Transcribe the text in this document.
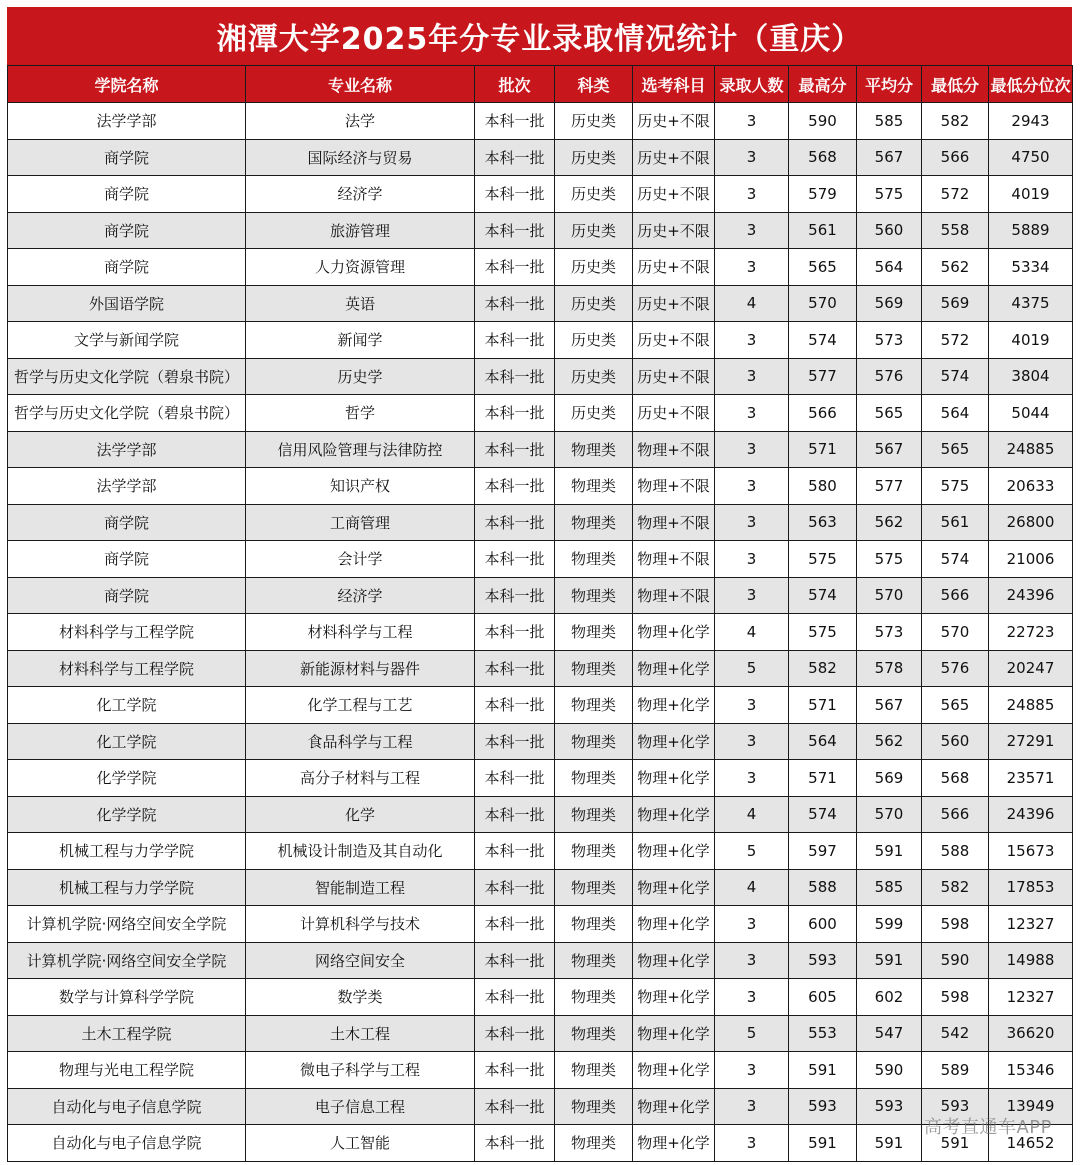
湘潭大学2025年分专业录取情况统计（重庆）
学院名称	专业名称	批次	科类	选考科目	录取人数	最高分	平均分	最低分	最低分位次
法学学部	法学	本科一批	历史类	历史+不限	3	590	585	582	2943
商学院	国际经济与贸易	本科一批	历史类	历史+不限	3	568	567	566	4750
商学院	经济学	本科一批	历史类	历史+不限	3	579	575	572	4019
商学院	旅游管理	本科一批	历史类	历史+不限	3	561	560	558	5889
商学院	人力资源管理	本科一批	历史类	历史+不限	3	565	564	562	5334
外国语学院	英语	本科一批	历史类	历史+不限	4	570	569	569	4375
文学与新闻学院	新闻学	本科一批	历史类	历史+不限	3	574	573	572	4019
哲学与历史文化学院（碧泉书院）	历史学	本科一批	历史类	历史+不限	3	577	576	574	3804
哲学与历史文化学院（碧泉书院）	哲学	本科一批	历史类	历史+不限	3	566	565	564	5044
法学学部	信用风险管理与法律防控	本科一批	物理类	物理+不限	3	571	567	565	24885
法学学部	知识产权	本科一批	物理类	物理+不限	3	580	577	575	20633
商学院	工商管理	本科一批	物理类	物理+不限	3	563	562	561	26800
商学院	会计学	本科一批	物理类	物理+不限	3	575	575	574	21006
商学院	经济学	本科一批	物理类	物理+不限	3	574	570	566	24396
材料科学与工程学院	材料科学与工程	本科一批	物理类	物理+化学	4	575	573	570	22723
材料科学与工程学院	新能源材料与器件	本科一批	物理类	物理+化学	5	582	578	576	20247
化工学院	化学工程与工艺	本科一批	物理类	物理+化学	3	571	567	565	24885
化工学院	食品科学与工程	本科一批	物理类	物理+化学	3	564	562	560	27291
化学学院	高分子材料与工程	本科一批	物理类	物理+化学	3	571	569	568	23571
化学学院	化学	本科一批	物理类	物理+化学	4	574	570	566	24396
机械工程与力学学院	机械设计制造及其自动化	本科一批	物理类	物理+化学	5	597	591	588	15673
机械工程与力学学院	智能制造工程	本科一批	物理类	物理+化学	4	588	585	582	17853
计算机学院·网络空间安全学院	计算机科学与技术	本科一批	物理类	物理+化学	3	600	599	598	12327
计算机学院·网络空间安全学院	网络空间安全	本科一批	物理类	物理+化学	3	593	591	590	14988
数学与计算科学学院	数学类	本科一批	物理类	物理+化学	3	605	602	598	12327
土木工程学院	土木工程	本科一批	物理类	物理+化学	5	553	547	542	36620
物理与光电工程学院	微电子科学与工程	本科一批	物理类	物理+化学	3	591	590	589	15346
自动化与电子信息学院	电子信息工程	本科一批	物理类	物理+化学	3	593	593	593	13949
自动化与电子信息学院	人工智能	本科一批	物理类	物理+化学	3	591	591	591	14652
高考直通车APP
